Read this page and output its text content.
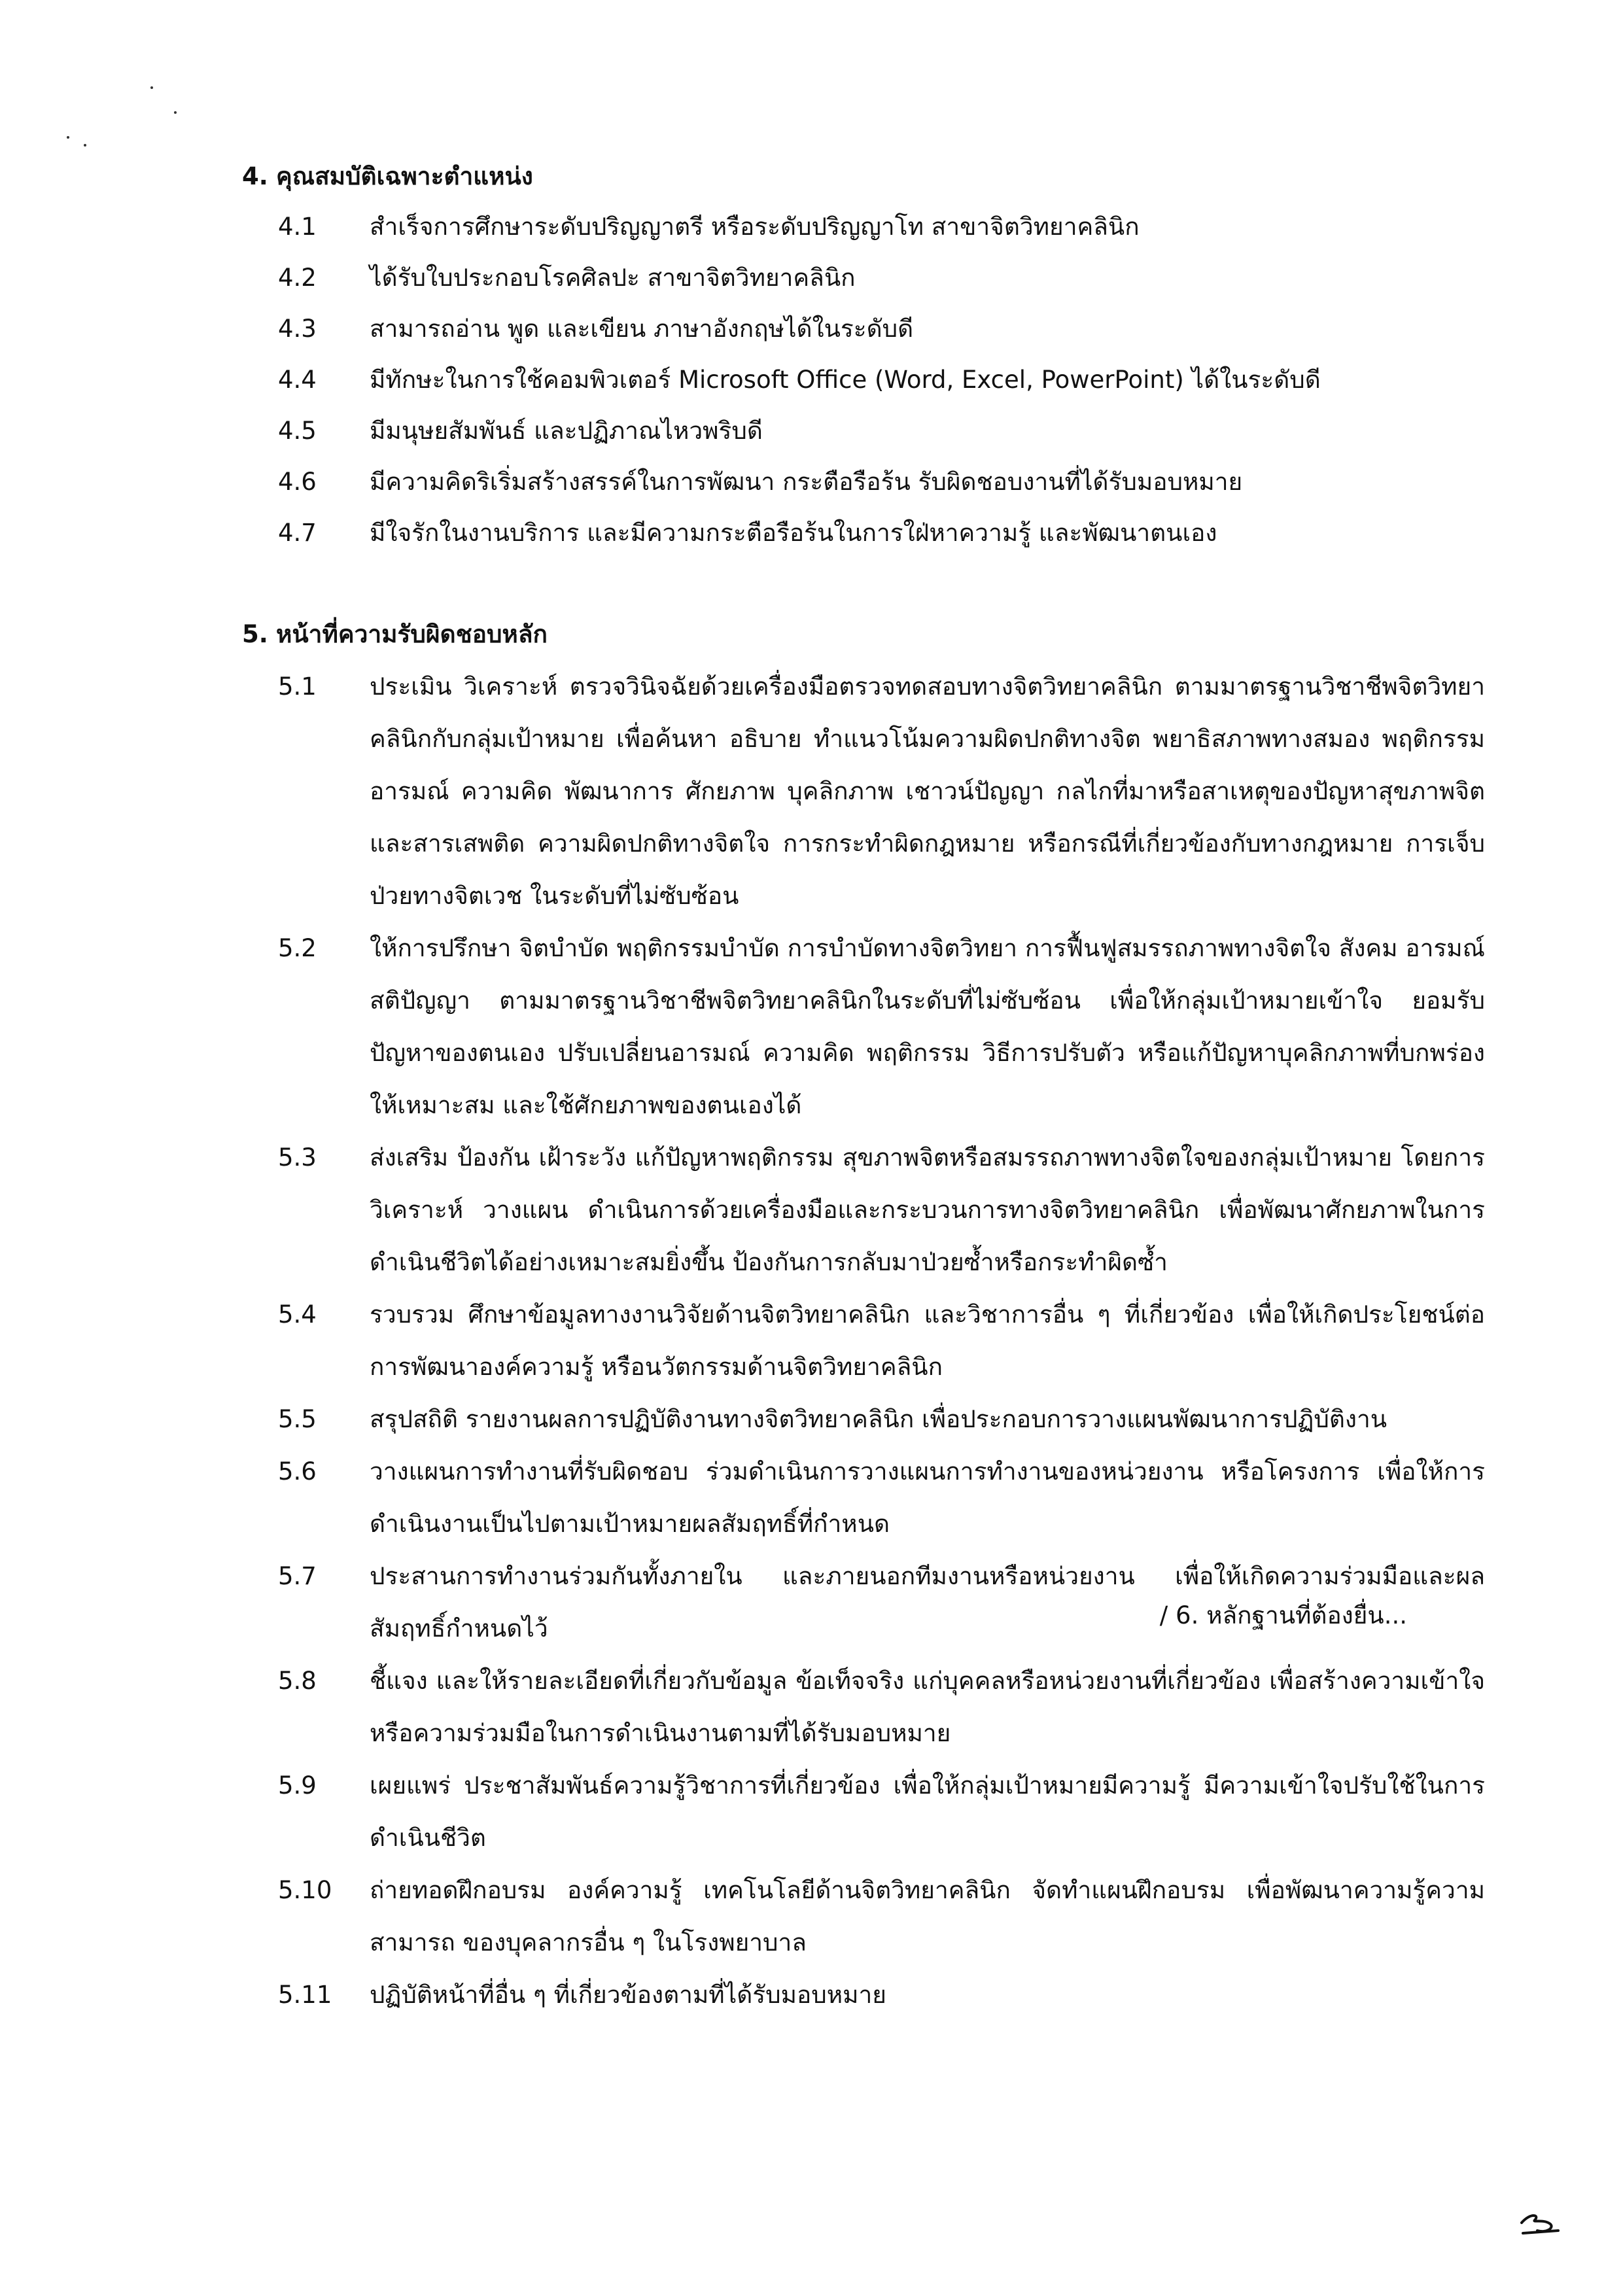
4. คุณสมบัติเฉพาะตำแหน่ง
4.1	สำเร็จการศึกษาระดับปริญญาตรี หรือระดับปริญญาโท สาขาจิตวิทยาคลินิก
4.2	ได้รับใบประกอบโรคศิลปะ สาขาจิตวิทยาคลินิก
4.3	สามารถอ่าน พูด และเขียน ภาษาอังกฤษได้ในระดับดี
4.4	มีทักษะในการใช้คอมพิวเตอร์ Microsoft Office (Word, Excel, PowerPoint) ได้ในระดับดี
4.5	มีมนุษยสัมพันธ์ และปฏิภาณไหวพริบดี
4.6	มีความคิดริเริ่มสร้างสรรค์ในการพัฒนา กระตือรือร้น รับผิดชอบงานที่ได้รับมอบหมาย
4.7	มีใจรักในงานบริการ และมีความกระตือรือร้นในการใฝ่หาความรู้ และพัฒนาตนเอง
5. หน้าที่ความรับผิดชอบหลัก
5.1	ประเมิน วิเคราะห์ ตรวจวินิจฉัยด้วยเครื่องมือตรวจทดสอบทางจิตวิทยาคลินิก ตามมาตรฐานวิชาชีพจิตวิทยาคลินิกกับกลุ่มเป้าหมาย เพื่อค้นหา อธิบาย ทำแนวโน้มความผิดปกติทางจิต พยาธิสภาพทางสมอง พฤติกรรม อารมณ์ ความคิด พัฒนาการ ศักยภาพ บุคลิกภาพ เชาวน์ปัญญา กลไกที่มาหรือสาเหตุของปัญหาสุขภาพจิต และสารเสพติด ความผิดปกติทางจิตใจ การกระทำผิดกฎหมาย หรือกรณีที่เกี่ยวข้องกับทางกฎหมาย การเจ็บป่วยทางจิตเวช ในระดับที่ไม่ซับซ้อน
5.2	ให้การปรึกษา จิตบำบัด พฤติกรรมบำบัด การบำบัดทางจิตวิทยา การฟื้นฟูสมรรถภาพทางจิตใจ สังคม อารมณ์ สติปัญญา ตามมาตรฐานวิชาชีพจิตวิทยาคลินิกในระดับที่ไม่ซับซ้อน เพื่อให้กลุ่มเป้าหมายเข้าใจ ยอมรับปัญหาของตนเอง ปรับเปลี่ยนอารมณ์ ความคิด พฤติกรรม วิธีการปรับตัว หรือแก้ปัญหาบุคลิกภาพที่บกพร่องให้เหมาะสม และใช้ศักยภาพของตนเองได้
5.3	ส่งเสริม ป้องกัน เฝ้าระวัง แก้ปัญหาพฤติกรรม สุขภาพจิตหรือสมรรถภาพทางจิตใจของกลุ่มเป้าหมาย โดยการวิเคราะห์ วางแผน ดำเนินการด้วยเครื่องมือและกระบวนการทางจิตวิทยาคลินิก เพื่อพัฒนาศักยภาพในการดำเนินชีวิตได้อย่างเหมาะสมยิ่งขึ้น ป้องกันการกลับมาป่วยซ้ำหรือกระทำผิดซ้ำ
5.4	รวบรวม ศึกษาข้อมูลทางงานวิจัยด้านจิตวิทยาคลินิก และวิชาการอื่น ๆ ที่เกี่ยวข้อง เพื่อให้เกิดประโยชน์ต่อการพัฒนาองค์ความรู้ หรือนวัตกรรมด้านจิตวิทยาคลินิก
5.5	สรุปสถิติ รายงานผลการปฏิบัติงานทางจิตวิทยาคลินิก เพื่อประกอบการวางแผนพัฒนาการปฏิบัติงาน
5.6	วางแผนการทำงานที่รับผิดชอบ ร่วมดำเนินการวางแผนการทำงานของหน่วยงาน หรือโครงการ เพื่อให้การดำเนินงานเป็นไปตามเป้าหมายผลสัมฤทธิ์ที่กำหนด
5.7	ประสานการทำงานร่วมกันทั้งภายใน และภายนอกทีมงานหรือหน่วยงาน เพื่อให้เกิดความร่วมมือและผลสัมฤทธิ์กำหนดไว้
5.8	ชี้แจง และให้รายละเอียดที่เกี่ยวกับข้อมูล ข้อเท็จจริง แก่บุคคลหรือหน่วยงานที่เกี่ยวข้อง เพื่อสร้างความเข้าใจหรือความร่วมมือในการดำเนินงานตามที่ได้รับมอบหมาย
5.9	เผยแพร่ ประชาสัมพันธ์ความรู้วิชาการที่เกี่ยวข้อง เพื่อให้กลุ่มเป้าหมายมีความรู้ มีความเข้าใจปรับใช้ในการดำเนินชีวิต
5.10	ถ่ายทอดฝึกอบรม องค์ความรู้ เทคโนโลยีด้านจิตวิทยาคลินิก จัดทำแผนฝึกอบรม เพื่อพัฒนาความรู้ความสามารถ ของบุคลากรอื่น ๆ ในโรงพยาบาล
5.11	ปฏิบัติหน้าที่อื่น ๆ ที่เกี่ยวข้องตามที่ได้รับมอบหมาย
/ 6. หลักฐานที่ต้องยื่น...
